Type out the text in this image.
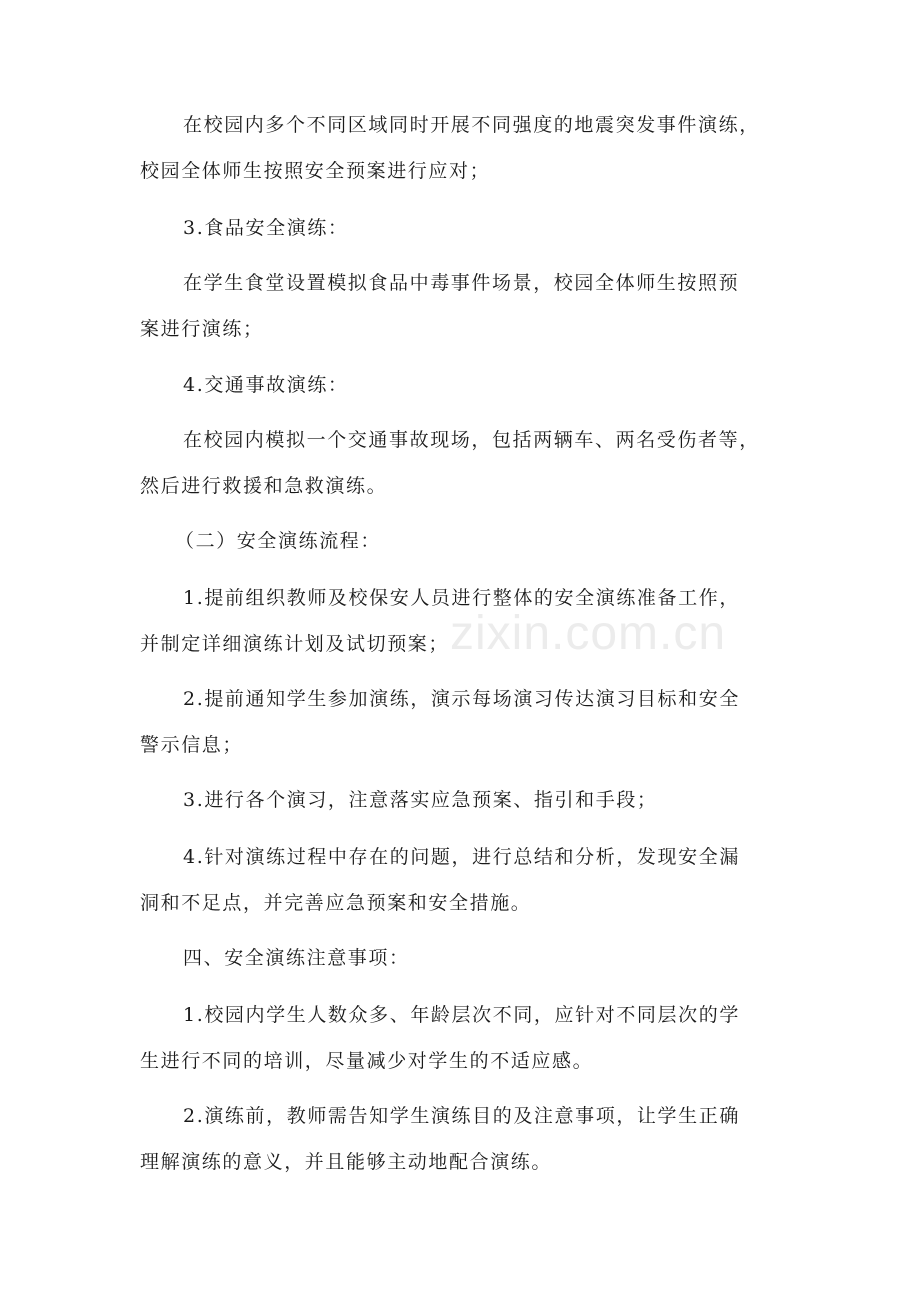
zixin.com.cn
在校园内多个不同区域同时开展不同强度的地震突发事件演练，
校园全体师生按照安全预案进行应对；
3.食品安全演练：
在学生食堂设置模拟食品中毒事件场景，校园全体师生按照预
案进行演练；
4.交通事故演练：
在校园内模拟一个交通事故现场，包括两辆车、两名受伤者等，
然后进行救援和急救演练。
（二）安全演练流程：
1.提前组织教师及校保安人员进行整体的安全演练准备工作，
并制定详细演练计划及试切预案；
2.提前通知学生参加演练，演示每场演习传达演习目标和安全
警示信息；
3.进行各个演习，注意落实应急预案、指引和手段；
4.针对演练过程中存在的问题，进行总结和分析，发现安全漏
洞和不足点，并完善应急预案和安全措施。
四、安全演练注意事项：
1.校园内学生人数众多、年龄层次不同，应针对不同层次的学
生进行不同的培训，尽量减少对学生的不适应感。
2.演练前，教师需告知学生演练目的及注意事项，让学生正确
理解演练的意义，并且能够主动地配合演练。
